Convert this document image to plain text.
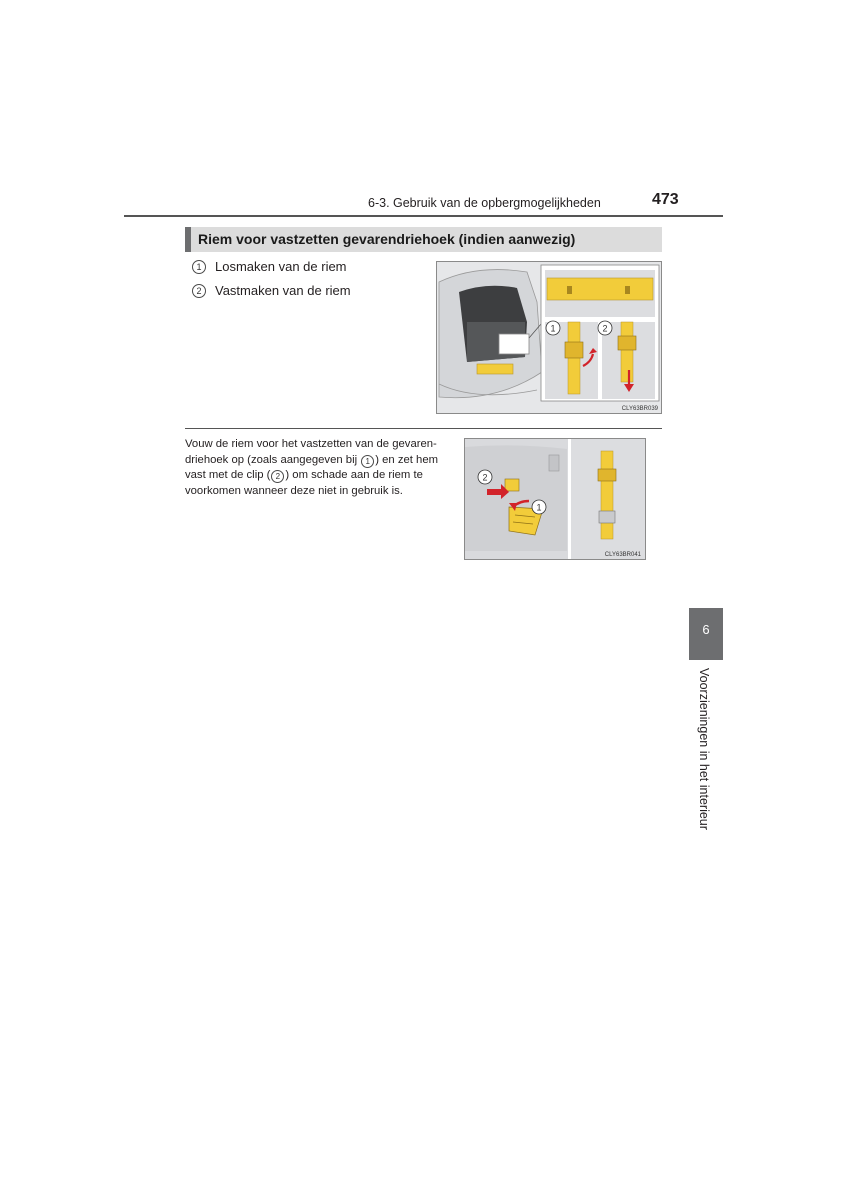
6-3. Gebruik van de opbergmogelijkheden	473
Riem voor vastzetten gevarendriehoek (indien aanwezig)
1	Losmaken van de riem
2	Vastmaken van de riem
1	2
CLY63BR039
Vouw de riem voor het vastzetten van de gevaren-driehoek op (zoals aangegeven bij 1 ) en zet hem vast met de clip ( 2 ) om schade aan de riem te voorkomen wanneer deze niet in gebruik is.
2
1
CLY63BR041
6
Voorzieningen in het interieur
